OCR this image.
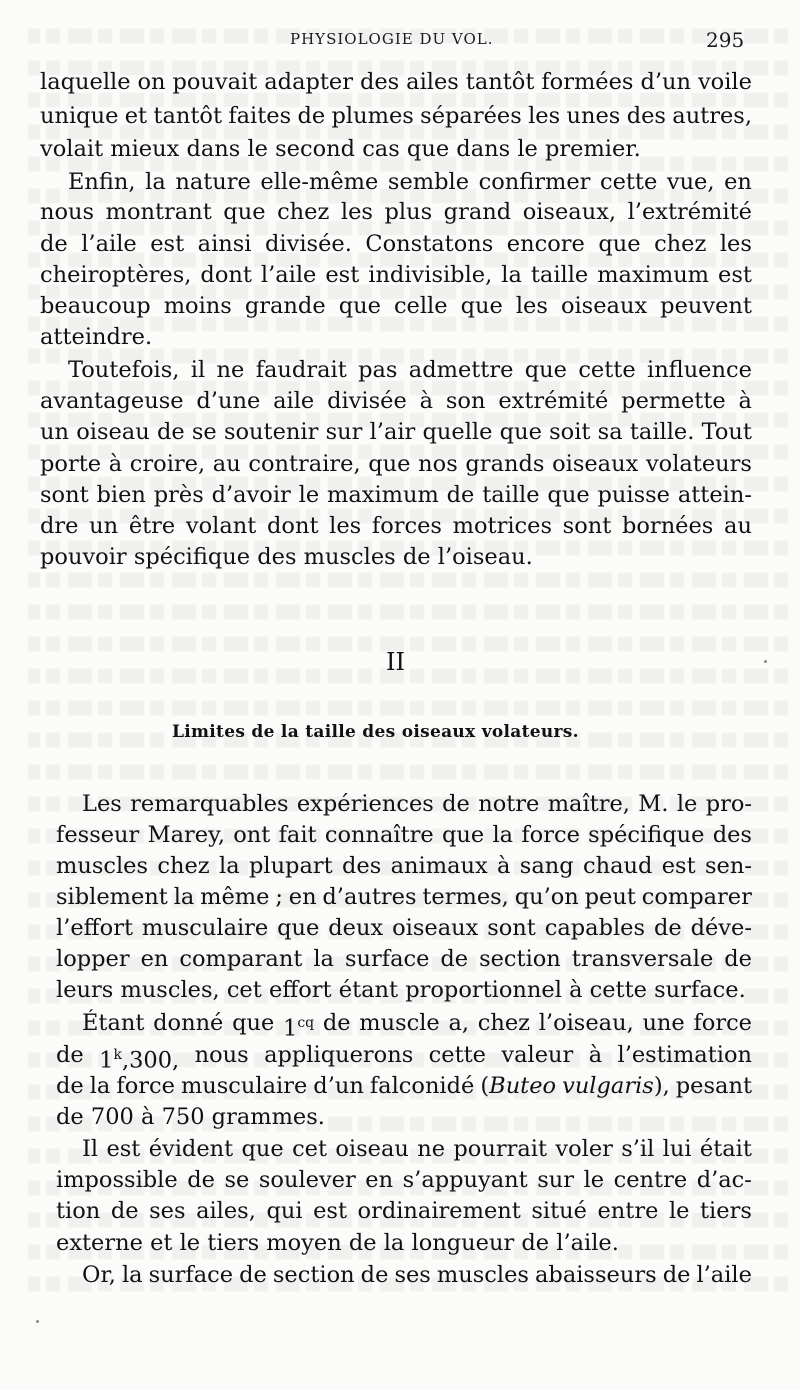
PHYSIOLOGIE DU VOL.	295
laquelle on pouvait adapter des ailes tantôt formées d’un voile
unique et tantôt faites de plumes séparées les unes des autres,
volait mieux dans le second cas que dans le premier.
Enfin, la nature elle-même semble confirmer cette vue, en
nous montrant que chez les plus grand oiseaux, l’extrémité
de l’aile est ainsi divisée. Constatons encore que chez les
cheiroptères, dont l’aile est indivisible, la taille maximum est
beaucoup moins grande que celle que les oiseaux peuvent
atteindre.
Toutefois, il ne faudrait pas admettre que cette influence
avantageuse d’une aile divisée à son extrémité permette à
un oiseau de se soutenir sur l’air quelle que soit sa taille. Tout
porte à croire, au contraire, que nos grands oiseaux volateurs
sont bien près d’avoir le maximum de taille que puisse attein-
dre un être volant dont les forces motrices sont bornées au
pouvoir spécifique des muscles de l’oiseau.
II
Limites de la taille des oiseaux volateurs.
Les remarquables expériences de notre maître, M. le pro-
fesseur Marey, ont fait connaître que la force spécifique des
muscles chez la plupart des animaux à sang chaud est sen-
siblement la même ; en d’autres termes, qu’on peut comparer
l’effort musculaire que deux oiseaux sont capables de déve-
lopper en comparant la surface de section transversale de
leurs muscles, cet effort étant proportionnel à cette surface.
Étant donné que $1^{cq}$ de muscle a, chez l’oiseau, une force
de 1$^k$,300, nous appliquerons cette valeur à l’estimation
de la force musculaire d’un falconidé (Buteo vulgaris), pesant
de 700 à 750 grammes.
Il est évident que cet oiseau ne pourrait voler s’il lui était
impossible de se soulever en s’appuyant sur le centre d’ac-
tion de ses ailes, qui est ordinairement situé entre le tiers
externe et le tiers moyen de la longueur de l’aile.
Or, la surface de section de ses muscles abaisseurs de l’aile
